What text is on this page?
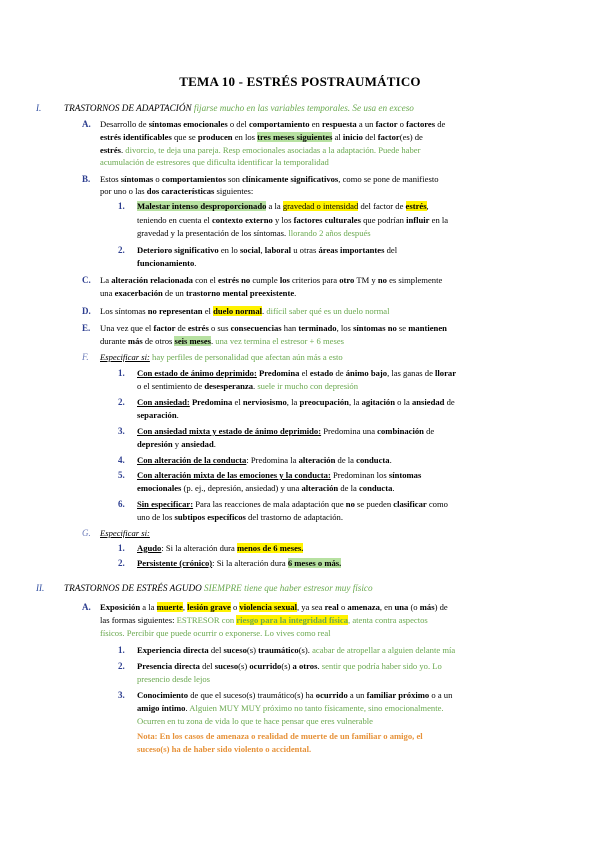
TEMA 10 - ESTRÉS POSTRAUMÁTICO
TRASTORNOS DE ADAPTACIÓN fijarse mucho en las variables temporales. Se usa en exceso
Desarrollo de síntomas emocionales o del comportamiento en respuesta a un factor o factores de
estrés identificables que se producen en los tres meses siguientes al inicio del factor(es) de
estrés. divorcio, te deja una pareja. Resp emocionales asociadas a la adaptación. Puede haber
acumulación de estresores que dificulta identificar la temporalidad
Estos síntomas o comportamientos son clínicamente significativos, como se pone de manifiesto
por uno o las dos características siguientes:
Malestar intenso desproporcionado a la gravedad o intensidad del factor de estrés,
teniendo en cuenta el contexto externo y los factores culturales que podrían influir en la
gravedad y la presentación de los síntomas. llorando 2 años después
Deterioro significativo en lo social, laboral u otras áreas importantes del
funcionamiento.
La alteración relacionada con el estrés no cumple los criterios para otro TM y no es simplemente
una exacerbación de un trastorno mental preexistente.
Los síntomas no representan el duelo normal. difícil saber qué es un duelo normal
Una vez que el factor de estrés o sus consecuencias han terminado, los síntomas no se mantienen
durante más de otros seis meses. una vez termina el estresor + 6 meses
Especificar si: hay perfiles de personalidad que afectan aún más a esto
Con estado de ánimo deprimido: Predomina el estado de ánimo bajo, las ganas de llorar
o el sentimiento de desesperanza. suele ir mucho con depresión
Con ansiedad: Predomina el nerviosismo, la preocupación, la agitación o la ansiedad de
separación.
Con ansiedad mixta y estado de ánimo deprimido: Predomina una combinación de
depresión y ansiedad.
Con alteración de la conducta: Predomina la alteración de la conducta.
Con alteración mixta de las emociones y la conducta: Predominan los síntomas
emocionales (p. ej., depresión, ansiedad) y una alteración de la conducta.
Sin especificar: Para las reacciones de mala adaptación que no se pueden clasificar como
uno de los subtipos específicos del trastorno de adaptación.
Especificar si:
Agudo: Si la alteración dura menos de 6 meses.
Persistente (crónico): Si la alteración dura 6 meses o más.
TRASTORNOS DE ESTRÉS AGUDO SIEMPRE tiene que haber estresor muy físico
Exposición a la muerte, lesión grave o violencia sexual, ya sea real o amenaza, en una (o más) de
las formas siguientes: ESTRESOR con riesgo para la integridad física, atenta contra aspectos
físicos. Percibir que puede ocurrir o exponerse. Lo vives como real
Experiencia directa del suceso(s) traumático(s). acabar de atropellar a alguien delante mía
Presencia directa del suceso(s) ocurrido(s) a otros. sentir que podría haber sido yo. Lo
presencio desde lejos
Conocimiento de que el suceso(s) traumático(s) ha ocurrido a un familiar próximo o a un
amigo íntimo. Alguien MUY MUY próximo no tanto físicamente, sino emocionalmente.
Ocurren en tu zona de vida lo que te hace pensar que eres vulnerable
Nota: En los casos de amenaza o realidad de muerte de un familiar o amigo, el
suceso(s) ha de haber sido violento o accidental.
I.
A.
B.
1.
2.
C.
D.
E.
F.
1.
2.
3.
4.
5.
6.
G.
1.
2.
II.
A.
1.
2.
3.
